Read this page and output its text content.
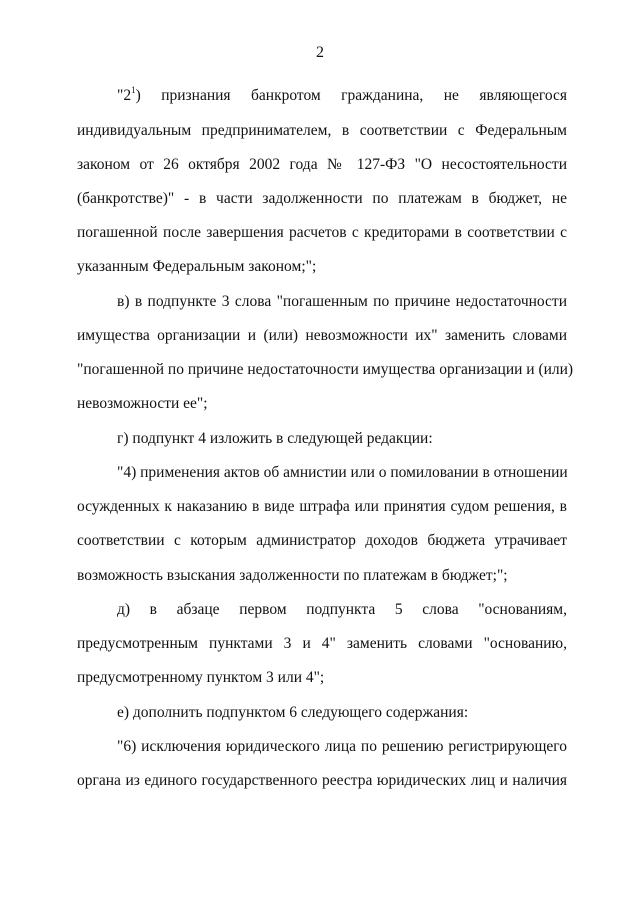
2
"$2^1$) признания банкротом гражданина, не являющегося
индивидуальным предпринимателем, в соответствии с Федеральным
законом от 26 октября 2002 года № 127-ФЗ "О несостоятельности
(банкротстве)" - в части задолженности по платежам в бюджет, не
погашенной после завершения расчетов с кредиторами в соответствии с
указанным Федеральным законом;";
в) в подпункте 3 слова "погашенным по причине недостаточности
имущества организации и (или) невозможности их" заменить словами
"погашенной по причине недостаточности имущества организации и (или)
невозможности ее";
г) подпункт 4 изложить в следующей редакции:
"4) применения актов об амнистии или о помиловании в отношении
осужденных к наказанию в виде штрафа или принятия судом решения, в
соответствии с которым администратор доходов бюджета утрачивает
возможность взыскания задолженности по платежам в бюджет;";
д) в абзаце первом подпункта 5 слова "основаниям,
предусмотренным пунктами 3 и 4" заменить словами "основанию,
предусмотренному пунктом 3 или 4";
е) дополнить подпунктом 6 следующего содержания:
"6) исключения юридического лица по решению регистрирующего
органа из единого государственного реестра юридических лиц и наличия
